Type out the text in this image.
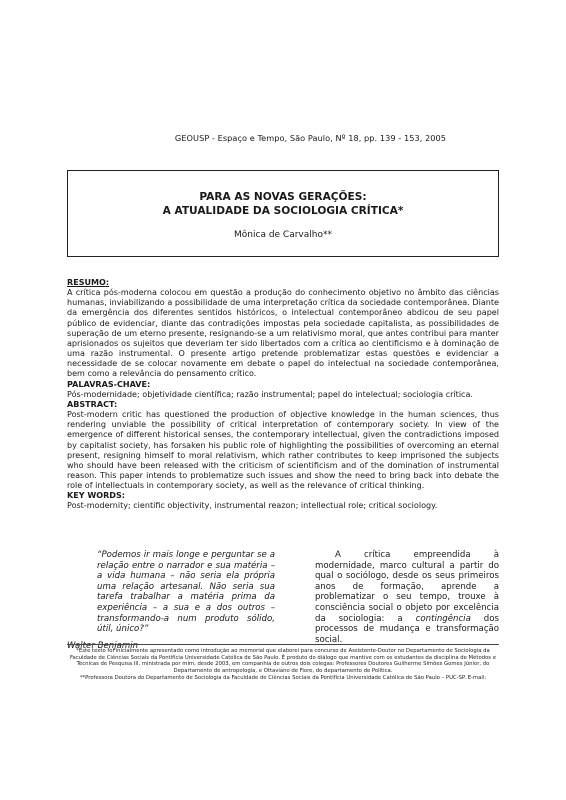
GEOUSP - Espaço e Tempo, São Paulo, Nº 18, pp. 139 - 153, 2005
PARA AS NOVAS GERAÇÕES:
A ATUALIDADE DA SOCIOLOGIA CRÍTICA*
Mônica de Carvalho**
RESUMO:

A crítica pós-moderna colocou em questão a produção do conhecimento objetivo no âmbito das ciências humanas, inviabilizando a possibilidade de uma interpretação crítica da sociedade contemporânea. Diante da emergência dos diferentes sentidos históricos, o intelectual contemporâneo abdicou de seu papel público de evidenciar, diante das contradições impostas pela sociedade capitalista, as possibilidades de superação de um eterno presente, resignando-se a um relativismo moral, que antes contribui para manter aprisionados os sujeitos que deveriam ter sido libertados com a crítica ao cientificismo e à dominação de uma razão instrumental. O presente artigo pretende problematizar estas questões e evidenciar a necessidade de se colocar novamente em debate o papel do intelectual na sociedade contemporânea, bem como a relevância do pensamento crítico.

PALAVRAS-CHAVE:

Pós-modernidade; objetividade científica; razão instrumental; papel do intelectual; sociologia crítica.

ABSTRACT:

Post-modern critic has questioned the production of objective knowledge in the human sciences, thus rendering unviable the possibility of critical interpretation of contemporary society. In view of the emergence of different historical senses, the contemporary intellectual, given the contradictions imposed by capitalist society, has forsaken his public role of highlighting the possibilities of overcoming an eternal present, resigning himself to moral relativism, which rather contributes to keep imprisoned the subjects who should have been released with the criticism of scientificism and of the domination of instrumental reason. This paper intends to problematize such issues and show the need to bring back into debate the role of intellectuals in contemporary society, as well as the relevance of critical thinking.

KEY WORDS:

Post-modernity; cientific objectivity, instrumental reazon; intellectual role; critical sociology.

“Podemos ir mais longe e perguntar se a relação entre o narrador e sua matéria – a vida humana – não seria ela própria uma relação artesanal. Não seria sua tarefa trabalhar a matéria prima da experiência – a sua e a dos outros – transformando-a num produto sólido, útil, único?”

Walter Benjamin

A crítica empreendida à modernidade, marco cultural a partir do qual o sociólogo, desde os seus primeiros anos de formação, aprende a problematizar o seu tempo, trouxe à consciência social o objeto por excelência da sociologia: a contingência dos processos de mudança e transformação social.

*Este texto foi inicialmente apresentado como introdução ao memorial que elaborei para concurso de Assistente-Doutor no Departamento de Sociologia da Faculdade de Ciências Sociais da Pontifícia Universidade Católica de São Paulo. É produto do diálogo que mantive com os estudantes da disciplina de Métodos e Técnicas de Pesquisa III, ministrada por mim, desde 2003, em companhia de outros dois colegas: Professores Doutores Guilherme Simões Gomes Júnior, do Departamento de antropologia, e Ottaviano de Fiore, do departamento de Política.

**Professora Doutora do Departamento de Sociologia da Faculdade de Ciências Sociais da Pontifícia Universidade Católica de São Paulo – PUC-SP. E-mail:
